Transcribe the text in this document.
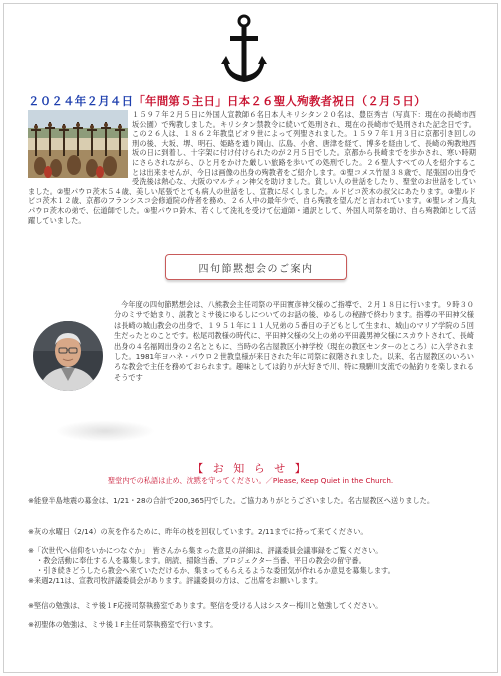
２０２４年２月４日「年間第５主日」日本２６聖人殉教者祝日（２月５日）
１５９７年２月５日に外国人宣教師６名日本人キリシタン２０名は、豊臣秀吉（写真下：現在の長崎市西坂公園）で殉教しました。キリシタン禁教令に続いて処刑され、現在の長崎市で処刑された記念日です。この２６人は、１８６２年教皇ピオ９世によって列聖されました。１５９７年１月３日に京都引き回しの刑の後、大坂、堺、明石、姫路を通り岡山、広島、小倉、唐津を経て、博多を経由して、長崎の殉教地西坂の日に到着し、十字架に付け付けられたのが２月５日でした。京都から長崎までを歩かされ、寒い時期にさらされながら、ひと月をかけた厳しい旅路を歩いての処刑でした。２６聖人すべての人を紹介することは出来ませんが、今日は画像の出身の殉教者をご紹介します。①聖コメス竹屋３８歳で、尾張国の出身で受洗後は熱心な、大阪のマルティン神父を助けました。貧しい人の世話をしたり、聖堂のお世話をしていました。②聖パウロ茨木５４歳、美しい尾張でとても病人の世話をし、宣教に尽くしました。ルドビコ茨木の叔父にあたります。③聖ルドビコ茨木１２歳、京都のフランシスコ会修道院の侍者を務め、２６人中の最年少で、自ら殉教を望んだと言われています。④聖レオン鳥丸パウロ茨木の弟で、伝道師でした。⑤聖パウロ鈴木、若くして洗礼を受けて伝道師・通訳として、外国人司祭を助け、自ら殉教師として活躍していました。
四旬節黙想会のご案内
今年度の四旬節黙想会は、八熊教会主任司祭の平田實彦神父様のご指導で、２月１８日に行います。９時３０分のミサで始まり、説教とミサ後にゆるしについてのお話の後、ゆるしの秘跡で終わります。指導の平田神父様は長崎の城山教会の出身で、１９５１年に１１人兄弟の５番目の子どもとして生まれ、城山のマリア学院の５回生だったとのことです。松尾司教様の時代に、平田神父様の父上の弟の平田義男神父様にスカウトされて、長崎出身の４名福岡出身の２名とともに、当時の名古屋教区小神学校（現在の教区センターのところ）に入学されました。1981年ヨハネ・パウロ２世教皇様が来日された年に司祭に叙階されました。以来、名古屋教区のいろいろな教会で主任を務めておられます。趣味としては釣りが大好きで川、特に飛騨川支流での鮎釣りを楽しまれるそうです
【 お 知 ら せ 】
聖堂内での私語は止め、沈黙を守ってください。／Please, Keep Quiet in the Church.
※能登半島地震の募金は、1/21・28の合計で200,365円でした。ご協力ありがとうございました。名古屋教区へ送りました。
※灰の水曜日（2/14）の灰を作るために、昨年の枝を回収しています。2/11までに持って来てください。
※「次世代へ信仰をいかにつなぐか」　皆さんから集まった意見の詳細は、評議委員会議事録をご覧ください。
・教会活動に奉仕する人を募集します。朗読、掃除当番、プロジェクター当番、平日の教会の留守番。
・引き続きどうしたら教会へ来ていただけるか、集まってもらえるような委団気が作れるか意見を募集します。
※来週2/11は、宣教司牧評議委員会があります。評議委員の方は、ご出席をお願いします。
※堅信の勉強は、ミサ後１F応接司祭執務室であります。堅信を受ける人はシスター梅川と勉強してください。
※初聖体の勉強は、ミサ後１F主任司祭執務室で行います。
